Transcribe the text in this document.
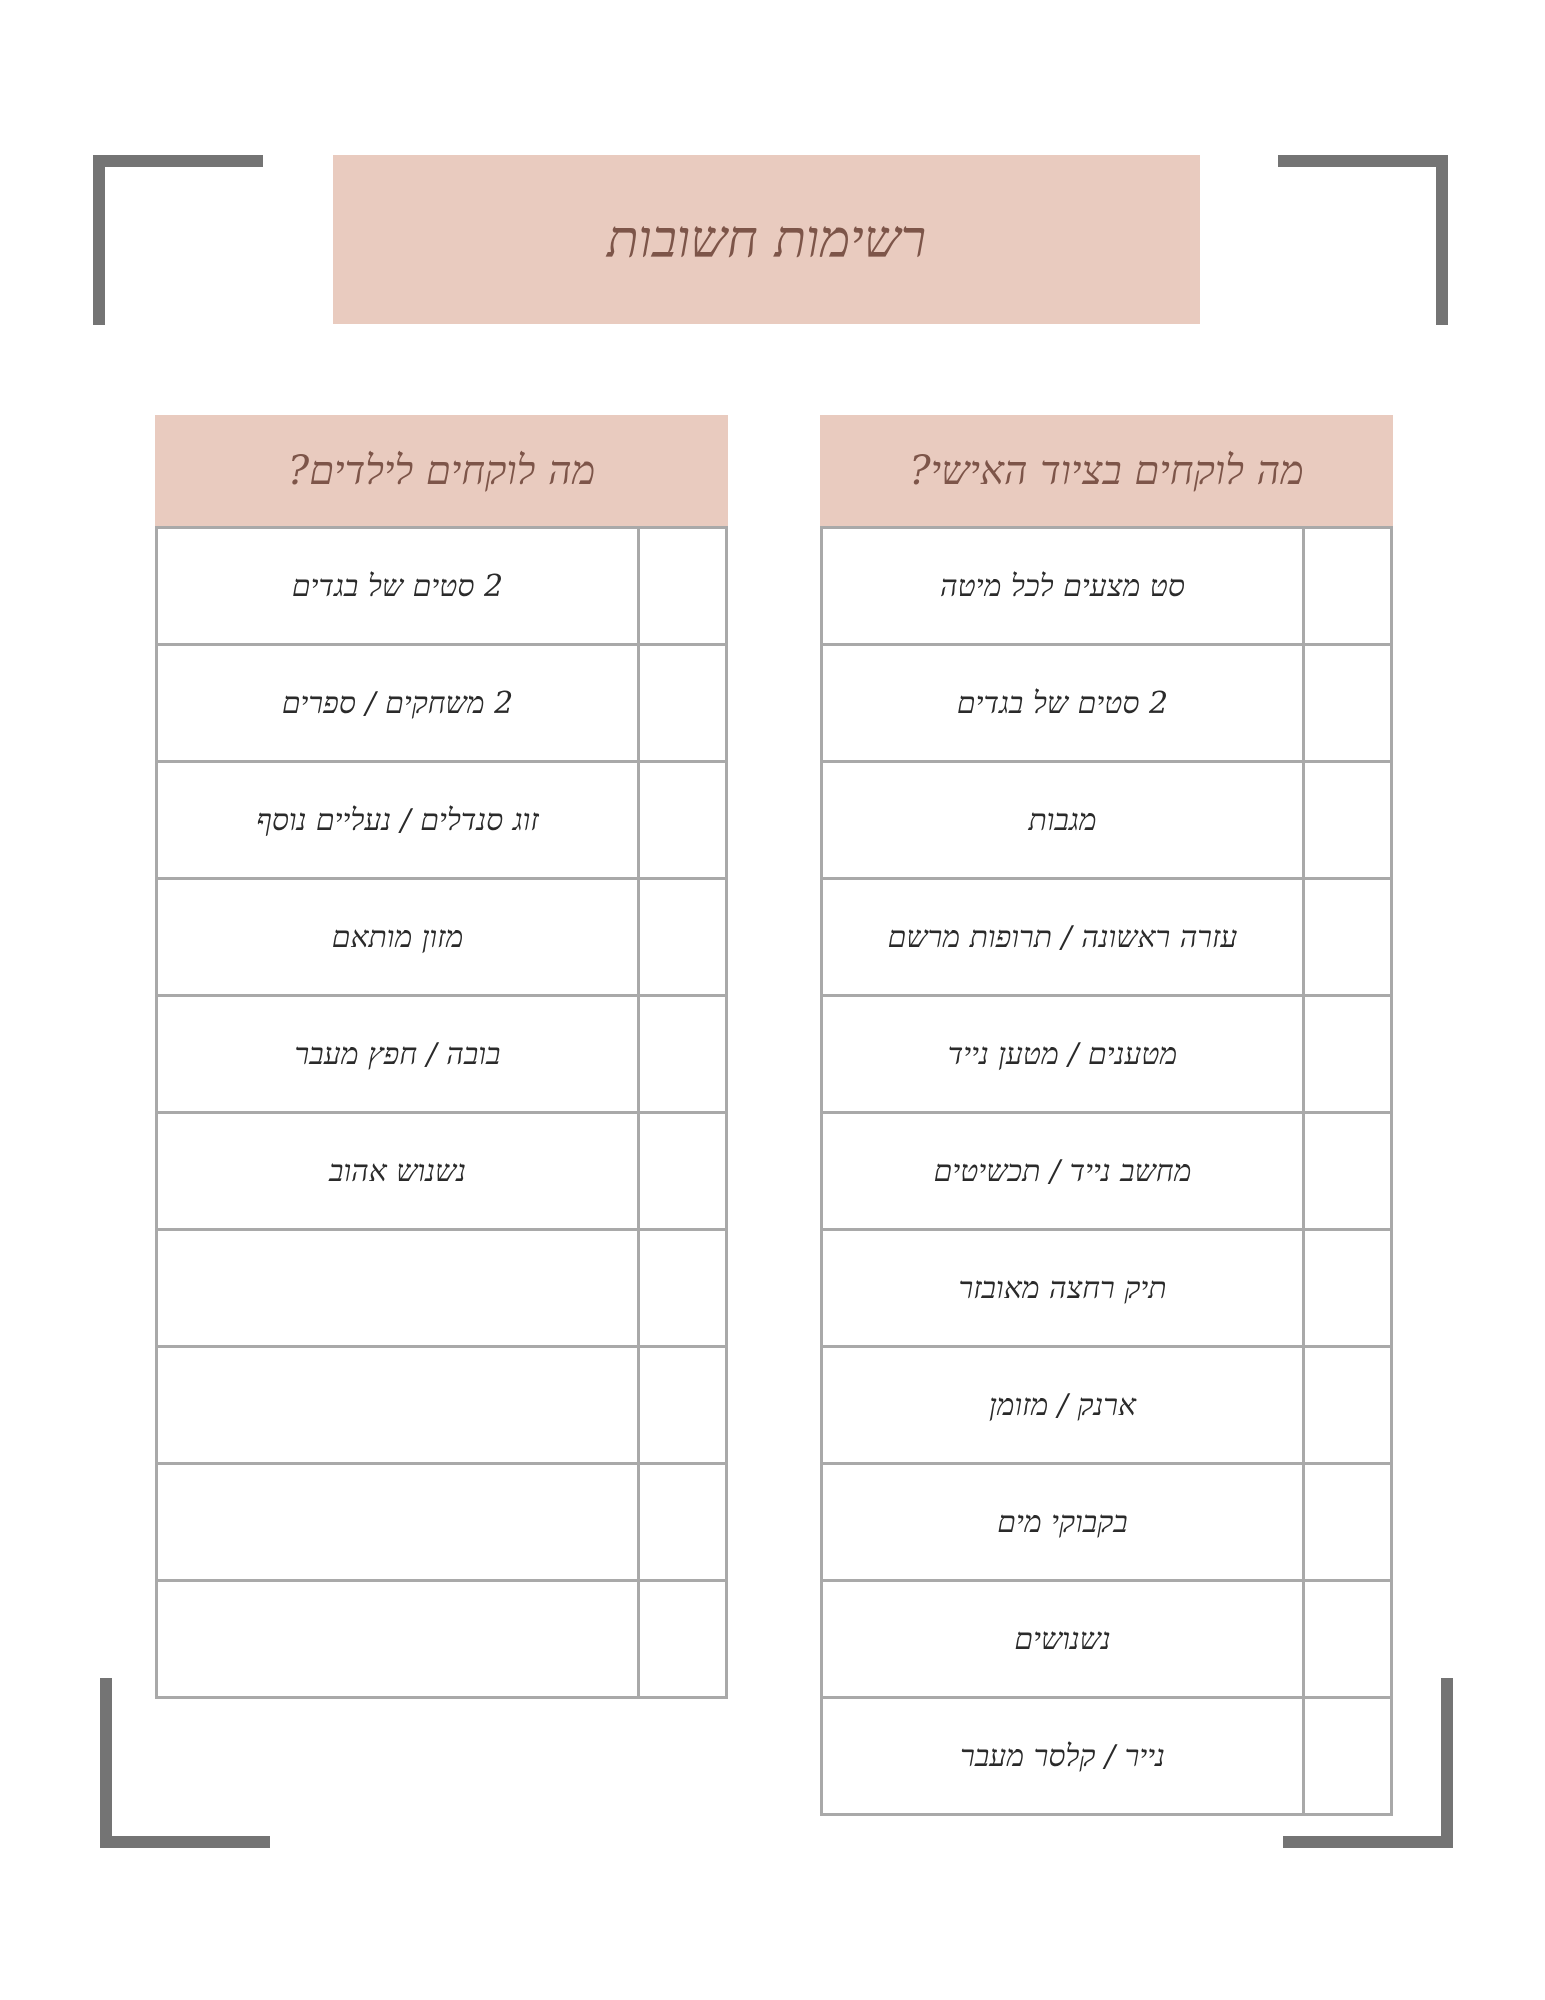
רשימות חשובות
מה לוקחים בציוד האישי?
סט מצעים לכל מיטה
2 סטים של בגדים
מגבות
עזרה ראשונה / תרופות מרשם
מטענים / מטען נייד
מחשב נייד / תכשיטים
תיק רחצה מאובזר
ארנק / מזומן
בקבוקי מים
נשנושים
נייר / קלסר מעבר
מה לוקחים לילדים?
2 סטים של בגדים
2 משחקים / ספרים
זוג סנדלים / נעליים נוסף
מזון מותאם
בובה / חפץ מעבר
נשנוש אהוב
